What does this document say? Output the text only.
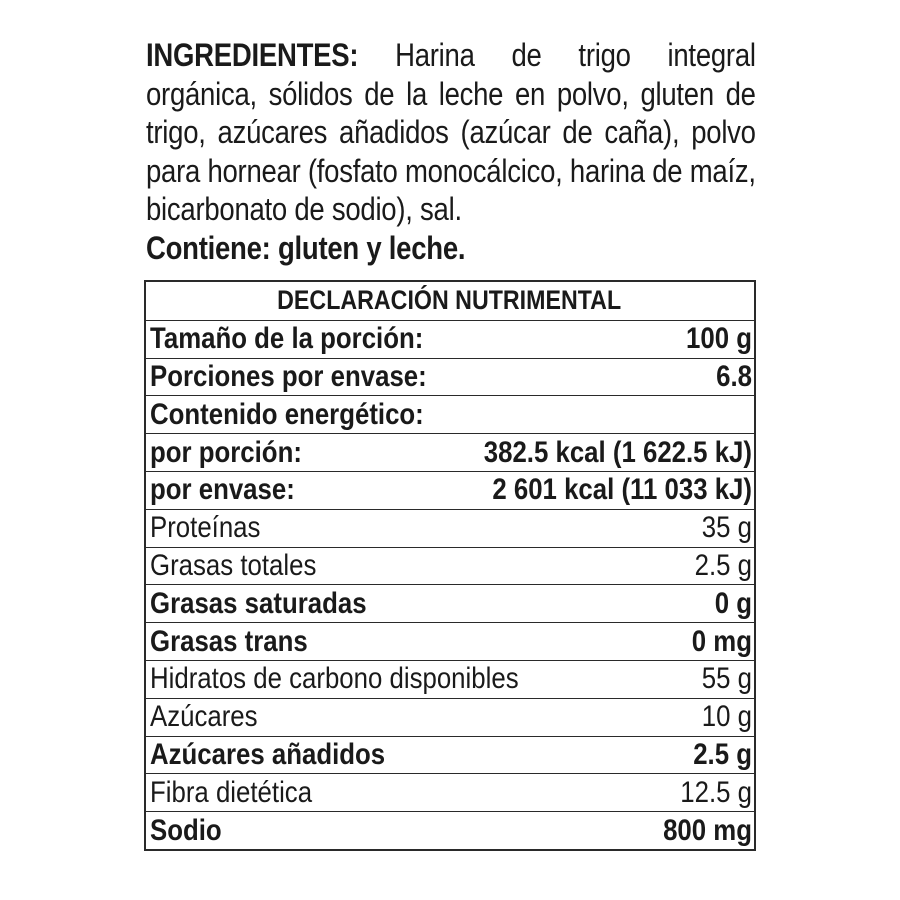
INGREDIENTES: Harina de trigo integral orgánica, sólidos de la leche en polvo, gluten de trigo, azúcares añadidos (azúcar de caña), polvo para hornear (fosfato monocálcico, harina de maíz, bicarbonato de sodio), sal.
Contiene: gluten y leche.
DECLARACIÓN NUTRIMENTAL
Tamaño de la porción:	100 g
Porciones por envase:	6.8
Contenido energético:
por porción:	382.5 kcal (1 622.5 kJ)
por envase:	2 601 kcal (11 033 kJ)
Proteínas	35 g
Grasas totales	2.5 g
Grasas saturadas	0 g
Grasas trans	0 mg
Hidratos de carbono disponibles	55 g
Azúcares	10 g
Azúcares añadidos	2.5 g
Fibra dietética	12.5 g
Sodio	800 mg
